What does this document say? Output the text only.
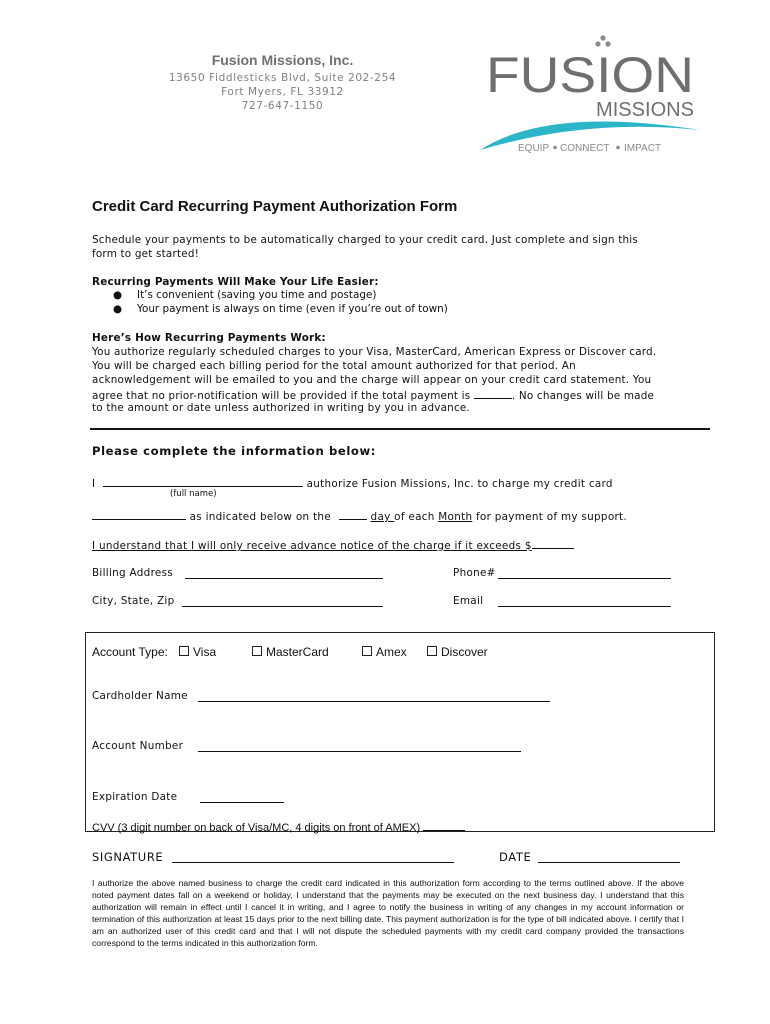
Fusion Missions, Inc.
13650 Fiddlesticks Blvd, Suite 202-254
Fort Myers, FL 33912
727-647-1150
FUSION
MISSIONS
EQUIP CONNECT IMPACT
Credit Card Recurring Payment Authorization Form
Schedule your payments to be automatically charged to your credit card. Just complete and sign this
form to get started!
Recurring Payments Will Make Your Life Easier:
● It’s convenient (saving you time and postage)
● Your payment is always on time (even if you’re out of town)
Here’s How Recurring Payments Work:
You authorize regularly scheduled charges to your Visa, MasterCard, American Express or Discover card.
You will be charged each billing period for the total amount authorized for that period. An
acknowledgement will be emailed to you and the charge will appear on your credit card statement. You
agree that no prior-notification will be provided if the total payment is	. No changes will be made
to the amount or date unless authorized in writing by you in advance.
Please complete the information below:
I	authorize Fusion Missions, Inc. to charge my credit card
(full name)
as indicated below on the	day of each Month for payment of my support.
I understand that I will only receive advance notice of the charge if it exceeds $
Billing Address	Phone#
City, State, Zip	Email
Account Type:	Visa	MasterCard	Amex	Discover
Cardholder Name
Account Number
Expiration Date
CVV (3 digit number on back of Visa/MC, 4 digits on front of AMEX)
SIGNATURE	DATE
I authorize the above named business to charge the credit card indicated in this authorization form according to the terms outlined above. If the above noted payment dates fall on a weekend or holiday, I understand that the payments may be executed on the next business day. I understand that this authorization will remain in effect until I cancel it in writing, and I agree to notify the business in writing of any changes in my account information or termination of this authorization at least 15 days prior to the next billing date. This payment authorization is for the type of bill indicated above. I certify that I am an authorized user of this credit card and that I will not dispute the scheduled payments with my credit card company provided the transactions correspond to the terms indicated in this authorization form.
